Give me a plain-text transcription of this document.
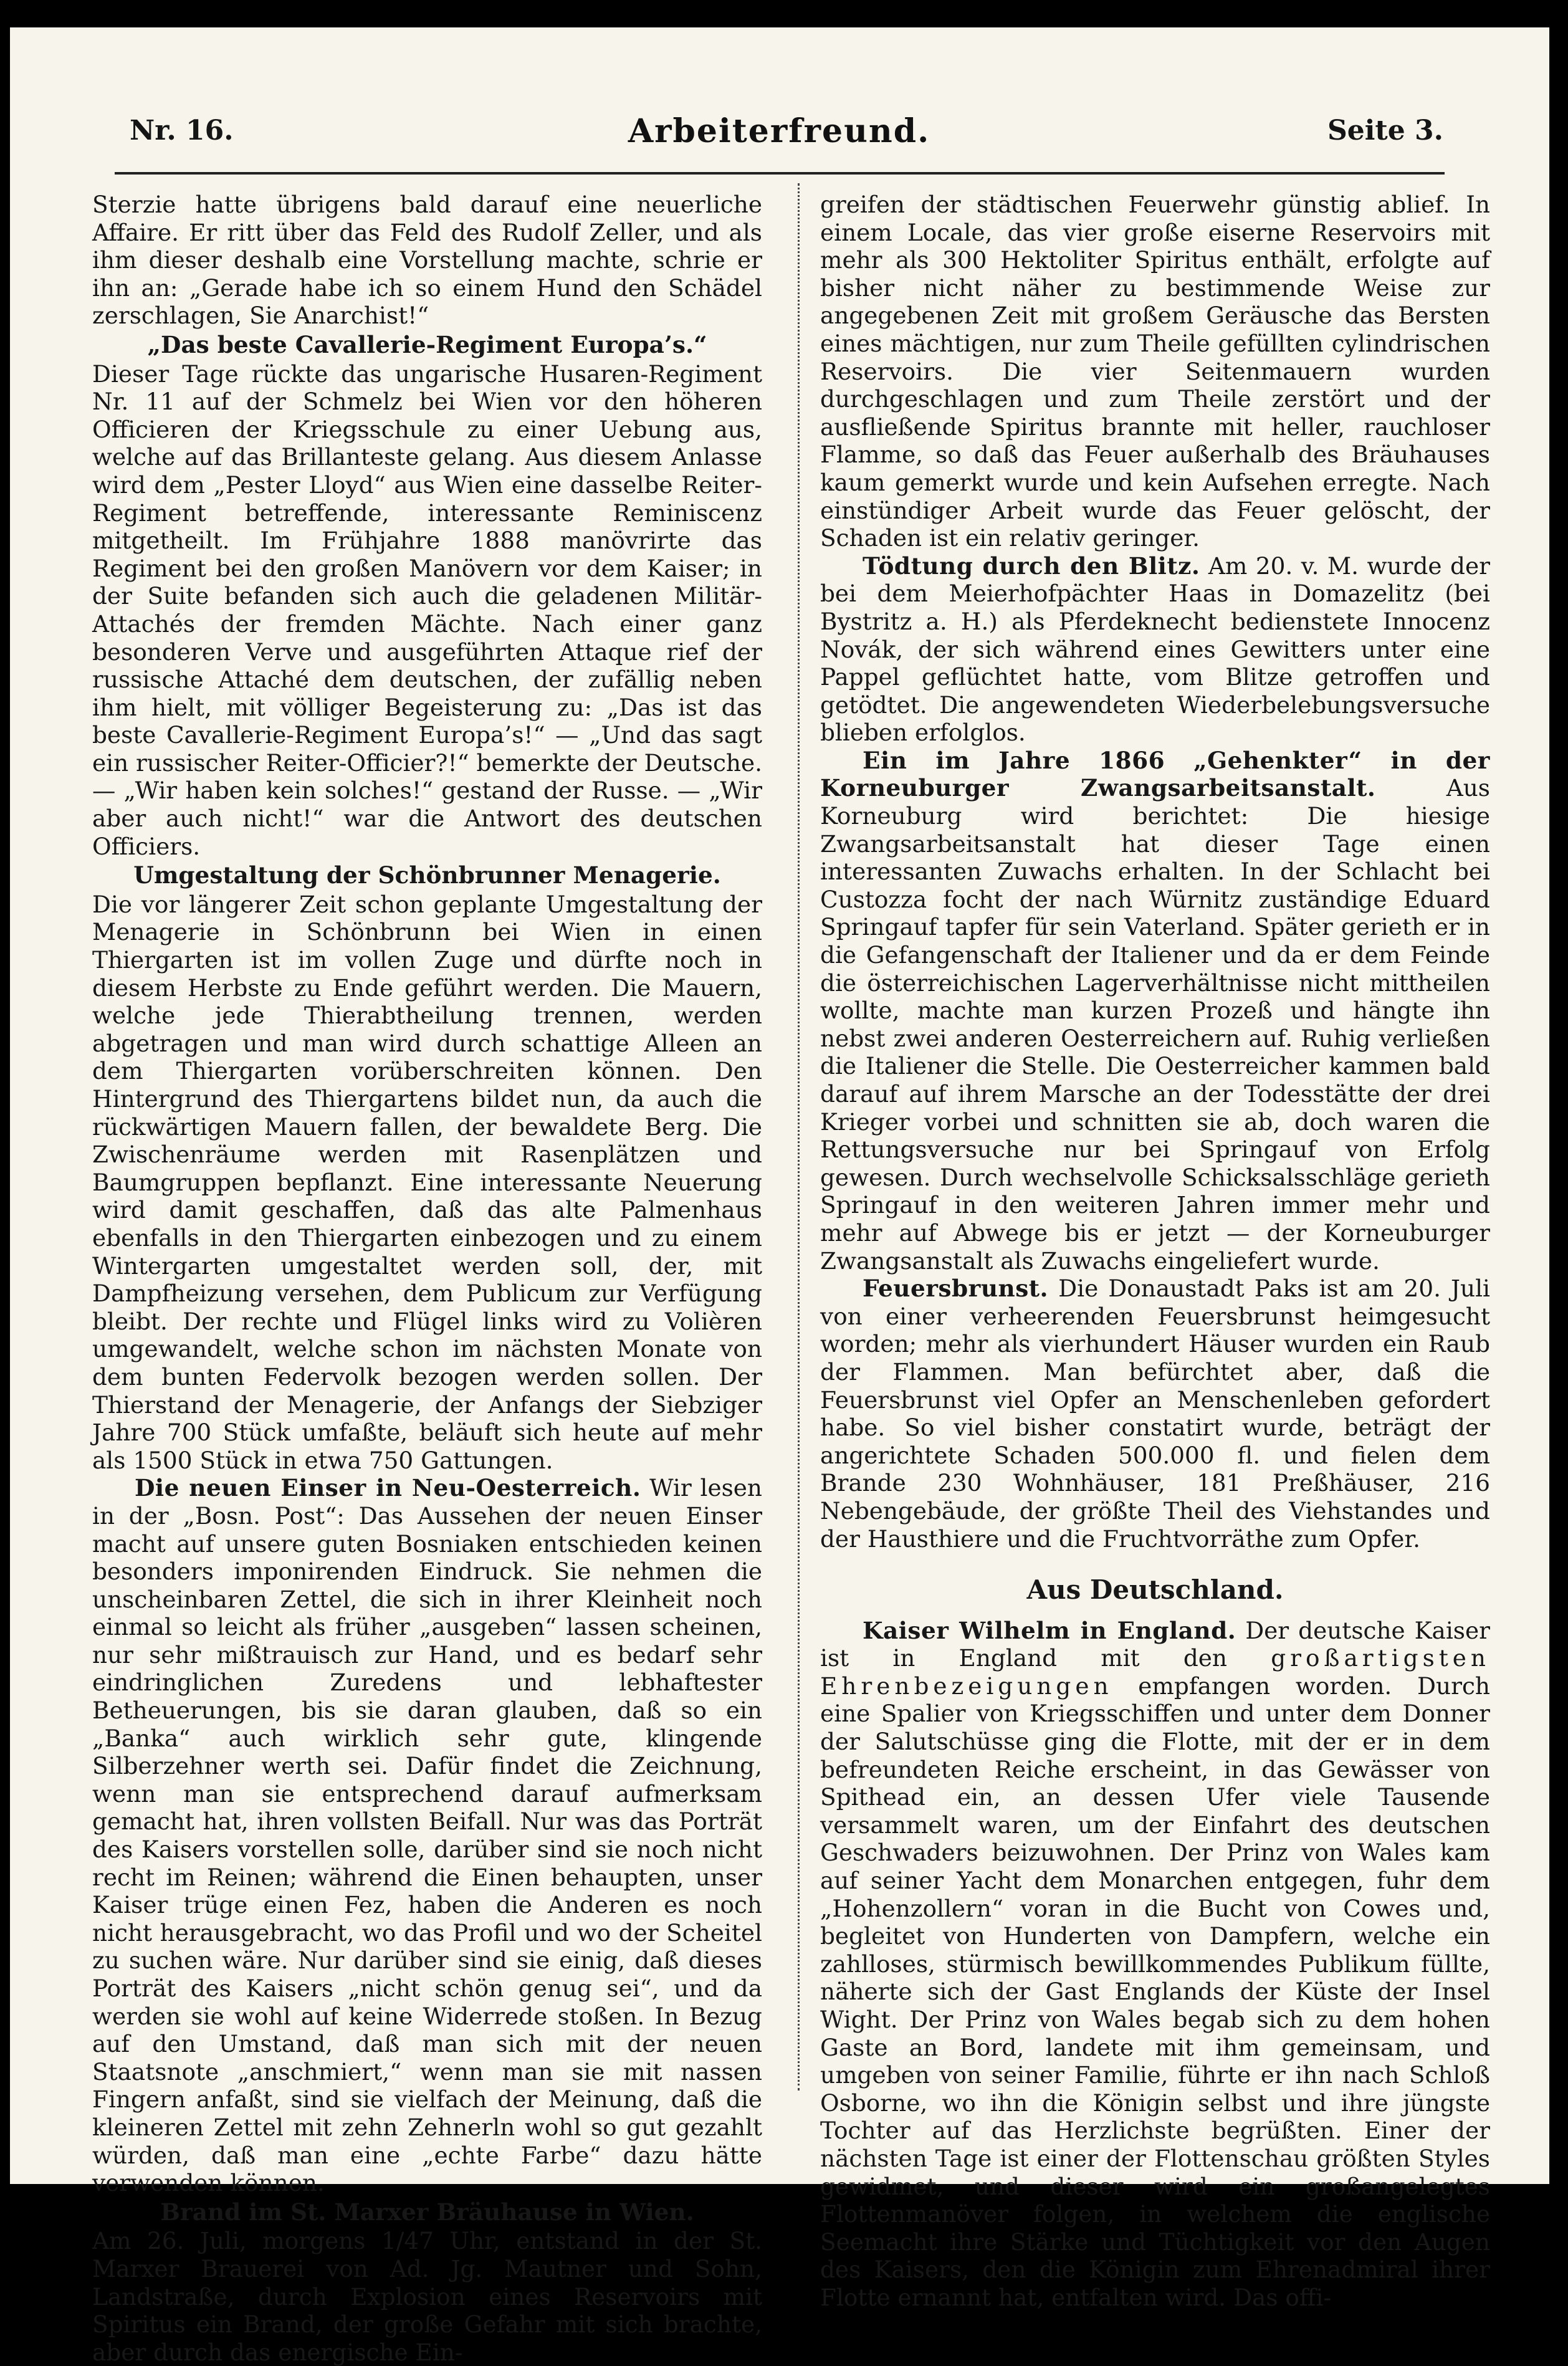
Nr. 16.	Arbeiterfreund.	Seite 3.

Sterzie hatte übrigens bald darauf eine neuerliche Affaire. Er ritt über das Feld des Rudolf Zeller, und als ihm dieser deshalb eine Vorstellung machte, schrie er ihn an: „Gerade habe ich so einem Hund den Schädel zerschlagen, Sie Anarchist!“

„Das beste Cavallerie-Regiment Europa’s.“

Dieser Tage rückte das ungarische Husaren-Regiment Nr. 11 auf der Schmelz bei Wien vor den höheren Officieren der Kriegsschule zu einer Uebung aus, welche auf das Brillanteste gelang. Aus diesem Anlasse wird dem „Pester Lloyd“ aus Wien eine dasselbe Reiter-Regiment betreffende, interessante Reminiscenz mitgetheilt. Im Frühjahre 1888 manövrirte das Regiment bei den großen Manövern vor dem Kaiser; in der Suite befanden sich auch die geladenen Militär-Attachés der fremden Mächte. Nach einer ganz besonderen Verve und ausgeführten Attaque rief der russische Attaché dem deutschen, der zufällig neben ihm hielt, mit völliger Begeisterung zu: „Das ist das beste Cavallerie-Regiment Europa’s!“ — „Und das sagt ein russischer Reiter-Officier?!“ bemerkte der Deutsche. — „Wir haben kein solches!“ gestand der Russe. — „Wir aber auch nicht!“ war die Antwort des deutschen Officiers.

Umgestaltung der Schönbrunner Menagerie.

Die vor längerer Zeit schon geplante Umgestaltung der Menagerie in Schönbrunn bei Wien in einen Thiergarten ist im vollen Zuge und dürfte noch in diesem Herbste zu Ende geführt werden. Die Mauern, welche jede Thierabtheilung trennen, werden abgetragen und man wird durch schattige Alleen an dem Thiergarten vorüberschreiten können. Den Hintergrund des Thiergartens bildet nun, da auch die rückwärtigen Mauern fallen, der bewaldete Berg. Die Zwischenräume werden mit Rasenplätzen und Baumgruppen bepflanzt. Eine interessante Neuerung wird damit geschaffen, daß das alte Palmenhaus ebenfalls in den Thiergarten einbezogen und zu einem Wintergarten umgestaltet werden soll, der, mit Dampfheizung versehen, dem Publicum zur Verfügung bleibt. Der rechte und Flügel links wird zu Volièren umgewandelt, welche schon im nächsten Monate von dem bunten Federvolk bezogen werden sollen. Der Thierstand der Menagerie, der Anfangs der Siebziger Jahre 700 Stück umfaßte, beläuft sich heute auf mehr als 1500 Stück in etwa 750 Gattungen.

Die neuen Einser in Neu-Oesterreich. Wir lesen in der „Bosn. Post“: Das Aussehen der neuen Einser macht auf unsere guten Bosniaken entschieden keinen besonders imponirenden Eindruck. Sie nehmen die unscheinbaren Zettel, die sich in ihrer Kleinheit noch einmal so leicht als früher „ausgeben“ lassen scheinen, nur sehr mißtrauisch zur Hand, und es bedarf sehr eindringlichen Zuredens und lebhaftester Betheuerungen, bis sie daran glauben, daß so ein „Banka“ auch wirklich sehr gute, klingende Silberzehner werth sei. Dafür findet die Zeichnung, wenn man sie entsprechend darauf aufmerksam gemacht hat, ihren vollsten Beifall. Nur was das Porträt des Kaisers vorstellen solle, darüber sind sie noch nicht recht im Reinen; während die Einen behaupten, unser Kaiser trüge einen Fez, haben die Anderen es noch nicht herausgebracht, wo das Profil und wo der Scheitel zu suchen wäre. Nur darüber sind sie einig, daß dieses Porträt des Kaisers „nicht schön genug sei“, und da werden sie wohl auf keine Widerrede stoßen. In Bezug auf den Umstand, daß man sich mit der neuen Staatsnote „anschmiert,“ wenn man sie mit nassen Fingern anfaßt, sind sie vielfach der Meinung, daß die kleineren Zettel mit zehn Zehnerln wohl so gut gezahlt würden, daß man eine „echte Farbe“ dazu hätte verwenden können.

Brand im St. Marxer Bräuhause in Wien.

Am 26. Juli, morgens 1/47 Uhr, entstand in der St. Marxer Brauerei von Ad. Jg. Mautner und Sohn, Landstraße, durch Explosion eines Reservoirs mit Spiritus ein Brand, der große Gefahr mit sich brachte, aber durch das energische Ein-

greifen der städtischen Feuerwehr günstig ablief. In einem Locale, das vier große eiserne Reservoirs mit mehr als 300 Hektoliter Spiritus enthält, erfolgte auf bisher nicht näher zu bestimmende Weise zur angegebenen Zeit mit großem Geräusche das Bersten eines mächtigen, nur zum Theile gefüllten cylindrischen Reservoirs. Die vier Seitenmauern wurden durchgeschlagen und zum Theile zerstört und der ausfließende Spiritus brannte mit heller, rauchloser Flamme, so daß das Feuer außerhalb des Bräuhauses kaum gemerkt wurde und kein Aufsehen erregte. Nach einstündiger Arbeit wurde das Feuer gelöscht, der Schaden ist ein relativ geringer.

Tödtung durch den Blitz. Am 20. v. M. wurde der bei dem Meierhofpächter Haas in Domazelitz (bei Bystritz a. H.) als Pferdeknecht bedienstete Innocenz Novák, der sich während eines Gewitters unter eine Pappel geflüchtet hatte, vom Blitze getroffen und getödtet. Die angewendeten Wiederbelebungsversuche blieben erfolglos.

Ein im Jahre 1866 „Gehenkter“ in der Korneuburger Zwangsarbeitsanstalt.	Aus Korneuburg wird berichtet: Die hiesige Zwangsarbeitsanstalt hat dieser Tage einen interessanten Zuwachs erhalten. In der Schlacht bei Custozza focht der nach Würnitz zuständige Eduard Springauf tapfer für sein Vaterland. Später gerieth er in die Gefangenschaft der Italiener und da er dem Feinde die österreichischen Lagerverhältnisse nicht mittheilen wollte, machte man kurzen Prozeß und hängte ihn nebst zwei anderen Oesterreichern auf. Ruhig verließen die Italiener die Stelle. Die Oesterreicher kammen bald darauf auf ihrem Marsche an der Todesstätte der drei Krieger vorbei und schnitten sie ab, doch waren die Rettungsversuche nur bei Springauf von Erfolg gewesen. Durch wechselvolle Schicksalsschläge gerieth Springauf in den weiteren Jahren immer mehr und mehr auf Abwege bis er jetzt — der Korneuburger Zwangsanstalt als Zuwachs eingeliefert wurde.

Feuersbrunst. Die Donaustadt Paks ist am 20. Juli von einer verheerenden Feuersbrunst heimgesucht worden; mehr als vierhundert Häuser wurden ein Raub der Flammen. Man befürchtet aber, daß die Feuersbrunst viel Opfer an Menschenleben gefordert habe. So viel bisher constatirt wurde, beträgt der angerichtete Schaden 500.000 fl. und fielen dem Brande 230 Wohnhäuser, 181 Preßhäuser, 216 Nebengebäude, der größte Theil des Viehstandes und der Hausthiere und die Fruchtvorräthe zum Opfer.

Aus Deutschland.

Kaiser Wilhelm in England. Der deutsche Kaiser ist in England mit den großartigsten Ehrenbezeigungen empfangen worden. Durch eine Spalier von Kriegsschiffen und unter dem Donner der Salutschüsse ging die Flotte, mit der er in dem befreundeten Reiche erscheint, in das Gewässer von Spithead ein, an dessen Ufer viele Tausende versammelt waren, um der Einfahrt des deutschen Geschwaders beizuwohnen. Der Prinz von Wales kam auf seiner Yacht dem Monarchen entgegen, fuhr dem „Hohenzollern“ voran in die Bucht von Cowes und, begleitet von Hunderten von Dampfern, welche ein zahlloses, stürmisch bewillkommendes Publikum füllte, näherte sich der Gast Englands der Küste der Insel Wight. Der Prinz von Wales begab sich zu dem hohen Gaste an Bord, landete mit ihm gemeinsam, und umgeben von seiner Familie, führte er ihn nach Schloß Osborne, wo ihn die Königin selbst und ihre jüngste Tochter auf das Herzlichste begrüßten. Einer der nächsten Tage ist einer der Flottenschau größten Styles gewidmet, und dieser wird ein großangelegtes Flottenmanöver folgen, in welchem die englische Seemacht ihre Stärke und Tüchtigkeit vor den Augen des Kaisers, den die Königin zum Ehrenadmiral ihrer Flotte ernannt hat, entfalten wird. Das offi-
